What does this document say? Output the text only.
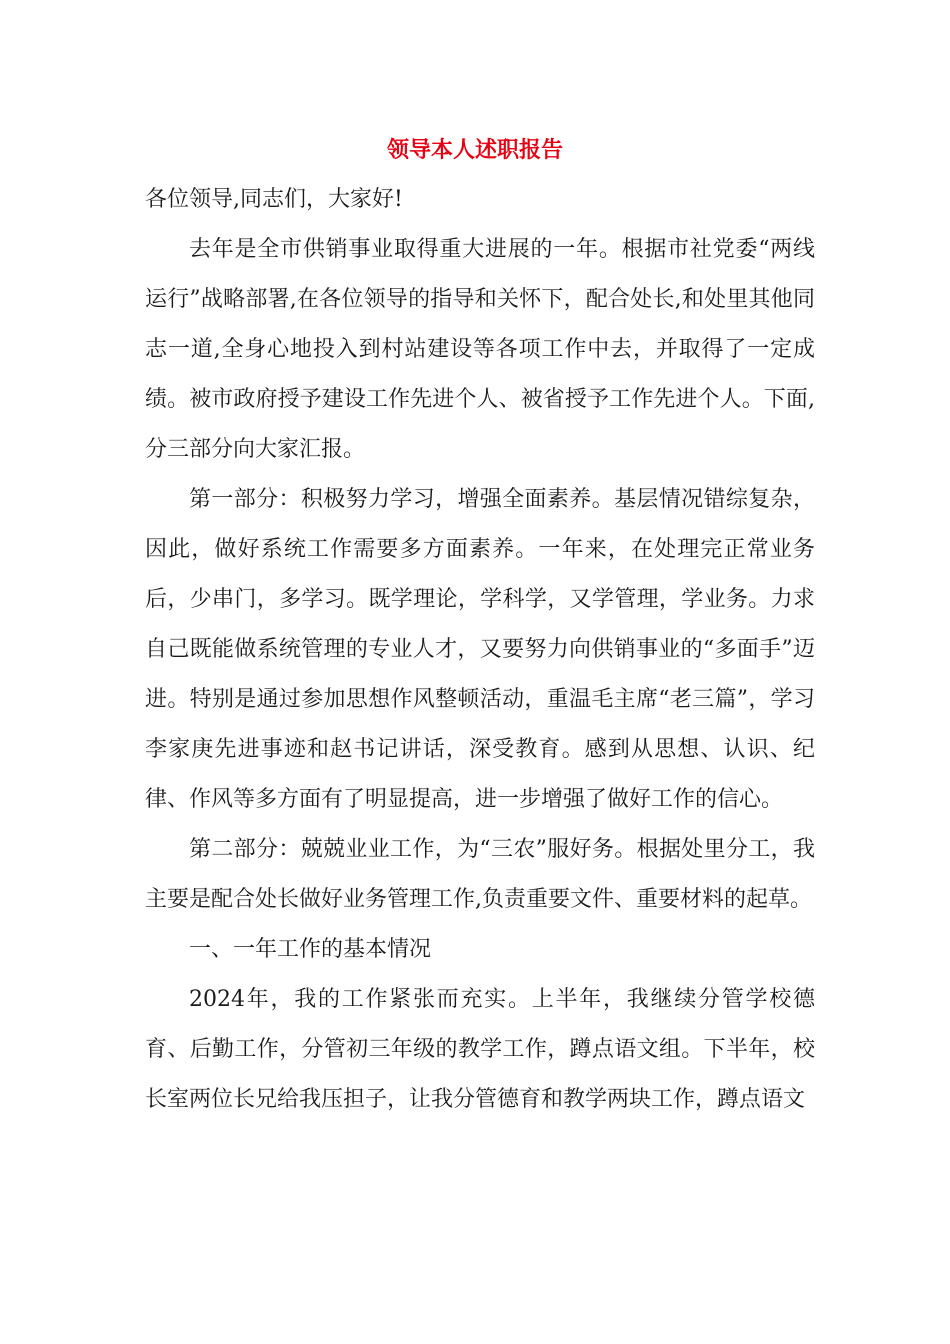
领导本人述职报告

各位领导,同志们，大家好!

去年是全市供销事业取得重大进展的一年。根据市社党委“两线运行”战略部署,在各位领导的指导和关怀下，配合处长,和处里其他同志一道,全身心地投入到村站建设等各项工作中去，并取得了一定成绩。被市政府授予建设工作先进个人、被省授予工作先进个人。下面,分三部分向大家汇报。

第一部分：积极努力学习，增强全面素养。基层情况错综复杂，因此，做好系统工作需要多方面素养。一年来，在处理完正常业务后，少串门，多学习。既学理论，学科学，又学管理，学业务。力求自己既能做系统管理的专业人才，又要努力向供销事业的“多面手”迈进。特别是通过参加思想作风整顿活动，重温毛主席“老三篇”，学习李家庚先进事迹和赵书记讲话，深受教育。感到从思想、认识、纪律、作风等多方面有了明显提高，进一步增强了做好工作的信心。

第二部分：兢兢业业工作，为“三农”服好务。根据处里分工，我主要是配合处长做好业务管理工作,负责重要文件、重要材料的起草。

一、一年工作的基本情况

2024年，我的工作紧张而充实。上半年，我继续分管学校德育、后勤工作，分管初三年级的教学工作，蹲点语文组。下半年，校长室两位长兄给我压担子，让我分管德育和教学两块工作，蹲点语文
